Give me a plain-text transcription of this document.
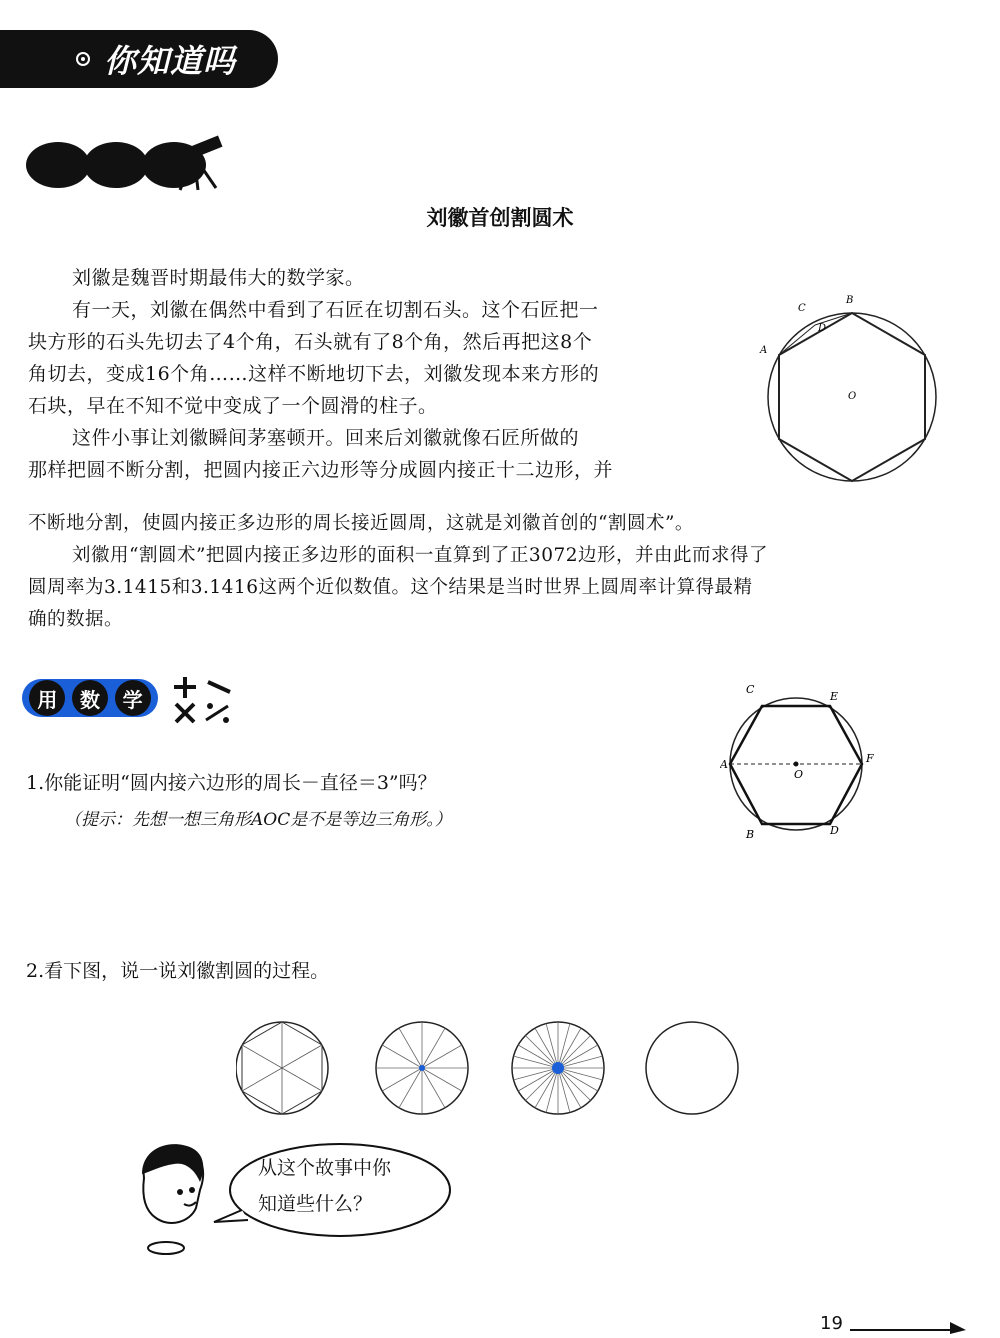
你知道吗
刘徽首创割圆术

刘徽是魏晋时期最伟大的数学家。

有一天，刘徽在偶然中看到了石匠在切割石头。这个石匠把一

块方形的石头先切去了4个角，石头就有了8个角，然后再把这8个

角切去，变成16个角……这样不断地切下去，刘徽发现本来方形的

石块，早在不知不觉中变成了一个圆滑的柱子。

这件小事让刘徽瞬间茅塞顿开。回来后刘徽就像石匠所做的

那样把圆不断分割，把圆内接正六边形等分成圆内接正十二边形，并

不断地分割，使圆内接正多边形的周长接近圆周，这就是刘徽首创的“割圆术”。

刘徽用“割圆术”把圆内接正多边形的面积一直算到了正3072边形，并由此而求得了

圆周率为3.1415和3.1416这两个近似数值。这个结果是当时世界上圆周率计算得最精

确的数据。

B
C
D
A
O
用	数	学	C
E
F
A
O
B	D
1.你能证明“圆内接六边形的周长－直径＝3”吗？
（提示：先想一想三角形AOC是不是等边三角形。）
2.看下图，说一说刘徽割圆的过程。
从这个故事中你
知道些什么？
19
